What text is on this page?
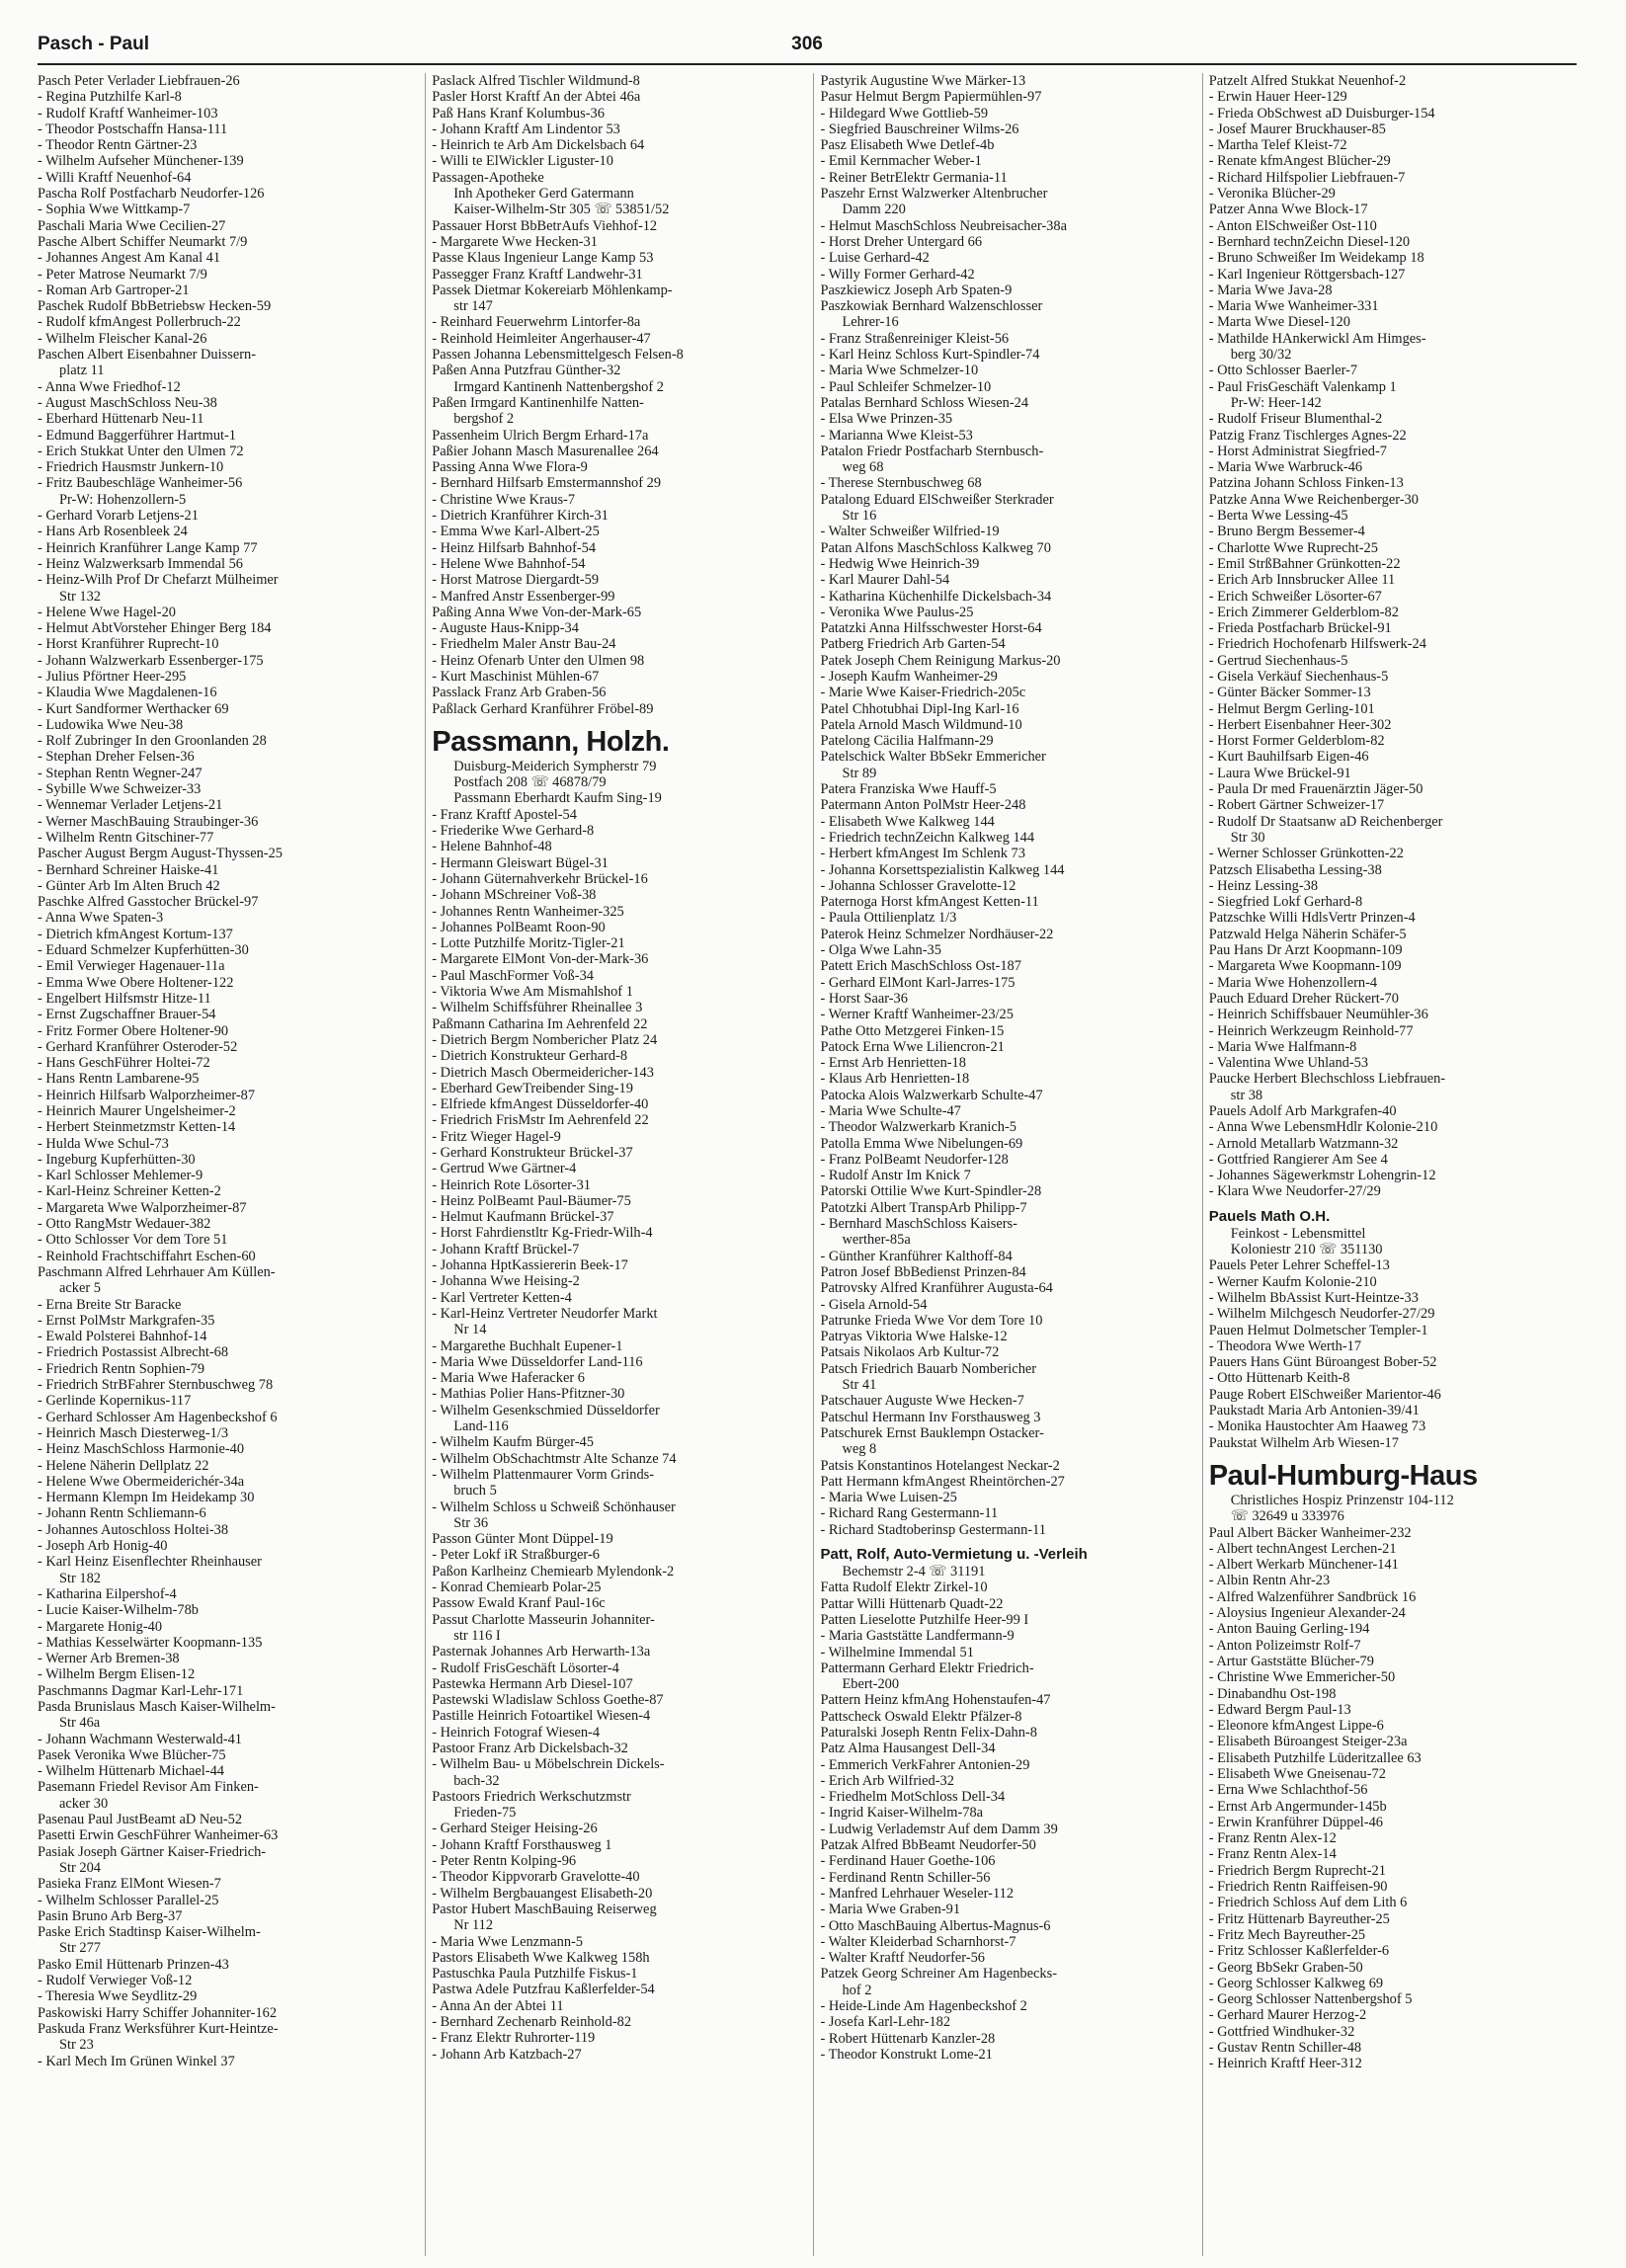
Pasch - Paul	306
Pasch Peter Verlader Liebfrauen-26
- Regina Putzhilfe Karl-8
- Rudolf Kraftf Wanheimer-103
- Theodor Postschaffn Hansa-111
- Theodor Rentn Gärtner-23
- Wilhelm Aufseher Münchener-139
- Willi Kraftf Neuenhof-64
Pascha Rolf Postfacharb Neudorfer-126
- Sophia Wwe Wittkamp-7
Paschali Maria Wwe Cecilien-27
Pasche Albert Schiffer Neumarkt 7/9
- Johannes Angest Am Kanal 41
- Peter Matrose Neumarkt 7/9
- Roman Arb Gartroper-21
Paschek Rudolf BbBetriebsw Hecken-59
- Rudolf kfmAngest Pollerbruch-22
- Wilhelm Fleischer Kanal-26
Paschen Albert Eisenbahner Duissern-
platz 11
- Anna Wwe Friedhof-12
- August MaschSchloss Neu-38
- Eberhard Hüttenarb Neu-11
- Edmund Baggerführer Hartmut-1
- Erich Stukkat Unter den Ulmen 72
- Friedrich Hausmstr Junkern-10
- Fritz Baubeschläge Wanheimer-56
Pr-W: Hohenzollern-5
- Gerhard Vorarb Letjens-21
- Hans Arb Rosenbleek 24
- Heinrich Kranführer Lange Kamp 77
- Heinz Walzwerksarb Immendal 56
- Heinz-Wilh Prof Dr Chefarzt Mülheimer
Str 132
- Helene Wwe Hagel-20
- Helmut AbtVorsteher Ehinger Berg 184
- Horst Kranführer Ruprecht-10
- Johann Walzwerkarb Essenberger-175
- Julius Pförtner Heer-295
- Klaudia Wwe Magdalenen-16
- Kurt Sandformer Werthacker 69
- Ludowika Wwe Neu-38
- Rolf Zubringer In den Groonlanden 28
- Stephan Dreher Felsen-36
- Stephan Rentn Wegner-247
- Sybille Wwe Schweizer-33
- Wennemar Verlader Letjens-21
- Werner MaschBauing Straubinger-36
- Wilhelm Rentn Gitschiner-77
Pascher August Bergm August-Thyssen-25
- Bernhard Schreiner Haiske-41
- Günter Arb Im Alten Bruch 42
Paschke Alfred Gasstocher Brückel-97
- Anna Wwe Spaten-3
- Dietrich kfmAngest Kortum-137
- Eduard Schmelzer Kupferhütten-30
- Emil Verwieger Hagenauer-11a
- Emma Wwe Obere Holtener-122
- Engelbert Hilfsmstr Hitze-11
- Ernst Zugschaffner Brauer-54
- Fritz Former Obere Holtener-90
- Gerhard Kranführer Osteroder-52
- Hans GeschFührer Holtei-72
- Hans Rentn Lambarene-95
- Heinrich Hilfsarb Walporzheimer-87
- Heinrich Maurer Ungelsheimer-2
- Herbert Steinmetzmstr Ketten-14
- Hulda Wwe Schul-73
- Ingeburg Kupferhütten-30
- Karl Schlosser Mehlemer-9
- Karl-Heinz Schreiner Ketten-2
- Margareta Wwe Walporzheimer-87
- Otto RangMstr Wedauer-382
- Otto Schlosser Vor dem Tore 51
- Reinhold Frachtschiffahrt Eschen-60
Paschmann Alfred Lehrhauer Am Küllen-
acker 5
- Erna Breite Str Baracke
- Ernst PolMstr Markgrafen-35
- Ewald Polsterei Bahnhof-14
- Friedrich Postassist Albrecht-68
- Friedrich Rentn Sophien-79
- Friedrich StrBFahrer Sternbuschweg 78
- Gerlinde Kopernikus-117
- Gerhard Schlosser Am Hagenbeckshof 6
- Heinrich Masch Diesterweg-1/3
- Heinz MaschSchloss Harmonie-40
- Helene Näherin Dellplatz 22
- Helene Wwe Obermeiderichér-34a
- Hermann Klempn Im Heidekamp 30
- Johann Rentn Schliemann-6
- Johannes Autoschloss Holtei-38
- Joseph Arb Honig-40
- Karl Heinz Eisenflechter Rheinhauser
Str 182
- Katharina Eilpershof-4
- Lucie Kaiser-Wilhelm-78b
- Margarete Honig-40
- Mathias Kesselwärter Koopmann-135
- Werner Arb Bremen-38
- Wilhelm Bergm Elisen-12
Paschmanns Dagmar Karl-Lehr-171
Pasda Brunislaus Masch Kaiser-Wilhelm-
Str 46a
- Johann Wachmann Westerwald-41
Pasek Veronika Wwe Blücher-75
- Wilhelm Hüttenarb Michael-44
Pasemann Friedel Revisor Am Finken-
acker 30
Pasenau Paul JustBeamt aD Neu-52
Pasetti Erwin GeschFührer Wanheimer-63
Pasiak Joseph Gärtner Kaiser-Friedrich-
Str 204
Pasieka Franz ElMont Wiesen-7
- Wilhelm Schlosser Parallel-25
Pasin Bruno Arb Berg-37
Paske Erich Stadtinsp Kaiser-Wilhelm-
Str 277
Pasko Emil Hüttenarb Prinzen-43
- Rudolf Verwieger Voß-12
- Theresia Wwe Seydlitz-29
Paskowiski Harry Schiffer Johanniter-162
Paskuda Franz Werksführer Kurt-Heintze-
Str 23
- Karl Mech Im Grünen Winkel 37
Paslack Alfred Tischler Wildmund-8
Pasler Horst Kraftf An der Abtei 46a
Paß Hans Kranf Kolumbus-36
- Johann Kraftf Am Lindentor 53
- Heinrich te Arb Am Dickelsbach 64
- Willi te ElWickler Liguster-10
Passagen-Apotheke
Inh Apotheker Gerd Gatermann
Kaiser-Wilhelm-Str 305 ☏ 53851/52
Passauer Horst BbBetrAufs Viehhof-12
- Margarete Wwe Hecken-31
Passe Klaus Ingenieur Lange Kamp 53
Passegger Franz Kraftf Landwehr-31
Passek Dietmar Kokereiarb Möhlenkamp-
str 147
- Reinhard Feuerwehrm Lintorfer-8a
- Reinhold Heimleiter Angerhauser-47
Passen Johanna Lebensmittelgesch Felsen-8
Paßen Anna Putzfrau Günther-32
Irmgard Kantinenh Nattenbergshof 2
Paßen Irmgard Kantinenhilfe Natten-
bergshof 2
Passenheim Ulrich Bergm Erhard-17a
Paßier Johann Masch Masurenallee 264
Passing Anna Wwe Flora-9
- Bernhard Hilfsarb Emstermannshof 29
- Christine Wwe Kraus-7
- Dietrich Kranführer Kirch-31
- Emma Wwe Karl-Albert-25
- Heinz Hilfsarb Bahnhof-54
- Helene Wwe Bahnhof-54
- Horst Matrose Diergardt-59
- Manfred Anstr Essenberger-99
Paßing Anna Wwe Von-der-Mark-65
- Auguste Haus-Knipp-34
- Friedhelm Maler Anstr Bau-24
- Heinz Ofenarb Unter den Ulmen 98
- Kurt Maschinist Mühlen-67
Passlack Franz Arb Graben-56
Paßlack Gerhard Kranführer Fröbel-89
Passmann, Holzh.
Duisburg-Meiderich Sympherstr 79
Postfach 208 ☏ 46878/79
Passmann Eberhardt Kaufm Sing-19
- Franz Kraftf Apostel-54
- Friederike Wwe Gerhard-8
- Helene Bahnhof-48
- Hermann Gleiswart Bügel-31
- Johann Güternahverkehr Brückel-16
- Johann MSchreiner Voß-38
- Johannes Rentn Wanheimer-325
- Johannes PolBeamt Roon-90
- Lotte Putzhilfe Moritz-Tigler-21
- Margarete ElMont Von-der-Mark-36
- Paul MaschFormer Voß-34
- Viktoria Wwe Am Mismahlshof 1
- Wilhelm Schiffsführer Rheinallee 3
Paßmann Catharina Im Aehrenfeld 22
- Dietrich Bergm Nombericher Platz 24
- Dietrich Konstrukteur Gerhard-8
- Dietrich Masch Obermeidericher-143
- Eberhard GewTreibender Sing-19
- Elfriede kfmAngest Düsseldorfer-40
- Friedrich FrisMstr Im Aehrenfeld 22
- Fritz Wieger Hagel-9
- Gerhard Konstrukteur Brückel-37
- Gertrud Wwe Gärtner-4
- Heinrich Rote Lösorter-31
- Heinz PolBeamt Paul-Bäumer-75
- Helmut Kaufmann Brückel-37
- Horst Fahrdienstltr Kg-Friedr-Wilh-4
- Johann Kraftf Brückel-7
- Johanna HptKassiererin Beek-17
- Johanna Wwe Heising-2
- Karl Vertreter Ketten-4
- Karl-Heinz Vertreter Neudorfer Markt
Nr 14
- Margarethe Buchhalt Eupener-1
- Maria Wwe Düsseldorfer Land-116
- Maria Wwe Haferacker 6
- Mathias Polier Hans-Pfitzner-30
- Wilhelm Gesenkschmied Düsseldorfer
Land-116
- Wilhelm Kaufm Bürger-45
- Wilhelm ObSchachtmstr Alte Schanze 74
- Wilhelm Plattenmaurer Vorm Grinds-
bruch 5
- Wilhelm Schloss u Schweiß Schönhauser
Str 36
Passon Günter Mont Düppel-19
- Peter Lokf iR Straßburger-6
Paßon Karlheinz Chemiearb Mylendonk-2
- Konrad Chemiearb Polar-25
Passow Ewald Kranf Paul-16c
Passut Charlotte Masseurin Johanniter-
str 116 I
Pasternak Johannes Arb Herwarth-13a
- Rudolf FrisGeschäft Lösorter-4
Pastewka Hermann Arb Diesel-107
Pastewski Wladislaw Schloss Goethe-87
Pastille Heinrich Fotoartikel Wiesen-4
- Heinrich Fotograf Wiesen-4
Pastoor Franz Arb Dickelsbach-32
- Wilhelm Bau- u Möbelschrein Dickels-
bach-32
Pastoors Friedrich Werkschutzmstr
Frieden-75
- Gerhard Steiger Heising-26
- Johann Kraftf Forsthausweg 1
- Peter Rentn Kolping-96
- Theodor Kippvorarb Gravelotte-40
- Wilhelm Bergbauangest Elisabeth-20
Pastor Hubert MaschBauing Reiserweg
Nr 112
- Maria Wwe Lenzmann-5
Pastors Elisabeth Wwe Kalkweg 158h
Pastuschka Paula Putzhilfe Fiskus-1
Pastwa Adele Putzfrau Kaßlerfelder-54
- Anna An der Abtei 11
- Bernhard Zechenarb Reinhold-82
- Franz Elektr Ruhrorter-119
- Johann Arb Katzbach-27
Pastyrik Augustine Wwe Märker-13
Pasur Helmut Bergm Papiermühlen-97
- Hildegard Wwe Gottlieb-59
- Siegfried Bauschreiner Wilms-26
Pasz Elisabeth Wwe Detlef-4b
- Emil Kernmacher Weber-1
- Reiner BetrElektr Germania-11
Paszehr Ernst Walzwerker Altenbrucher
Damm 220
- Helmut MaschSchloss Neubreisacher-38a
- Horst Dreher Untergard 66
- Luise Gerhard-42
- Willy Former Gerhard-42
Paszkiewicz Joseph Arb Spaten-9
Paszkowiak Bernhard Walzenschlosser
Lehrer-16
- Franz Straßenreiniger Kleist-56
- Karl Heinz Schloss Kurt-Spindler-74
- Maria Wwe Schmelzer-10
- Paul Schleifer Schmelzer-10
Patalas Bernhard Schloss Wiesen-24
- Elsa Wwe Prinzen-35
- Marianna Wwe Kleist-53
Patalon Friedr Postfacharb Sternbusch-
weg 68
- Therese Sternbuschweg 68
Patalong Eduard ElSchweißer Sterkrader
Str 16
- Walter Schweißer Wilfried-19
Patan Alfons MaschSchloss Kalkweg 70
- Hedwig Wwe Heinrich-39
- Karl Maurer Dahl-54
- Katharina Küchenhilfe Dickelsbach-34
- Veronika Wwe Paulus-25
Patatzki Anna Hilfsschwester Horst-64
Patberg Friedrich Arb Garten-54
Patek Joseph Chem Reinigung Markus-20
- Joseph Kaufm Wanheimer-29
- Marie Wwe Kaiser-Friedrich-205c
Patel Chhotubhai Dipl-Ing Karl-16
Patela Arnold Masch Wildmund-10
Patelong Cäcilia Halfmann-29
Patelschick Walter BbSekr Emmericher
Str 89
Patera Franziska Wwe Hauff-5
Patermann Anton PolMstr Heer-248
- Elisabeth Wwe Kalkweg 144
- Friedrich technZeichn Kalkweg 144
- Herbert kfmAngest Im Schlenk 73
- Johanna Korsettspezialistin Kalkweg 144
- Johanna Schlosser Gravelotte-12
Paternoga Horst kfmAngest Ketten-11
- Paula Ottilienplatz 1/3
Paterok Heinz Schmelzer Nordhäuser-22
- Olga Wwe Lahn-35
Patett Erich MaschSchloss Ost-187
- Gerhard ElMont Karl-Jarres-175
- Horst Saar-36
- Werner Kraftf Wanheimer-23/25
Pathe Otto Metzgerei Finken-15
Patock Erna Wwe Liliencron-21
- Ernst Arb Henrietten-18
- Klaus Arb Henrietten-18
Patocka Alois Walzwerkarb Schulte-47
- Maria Wwe Schulte-47
- Theodor Walzwerkarb Kranich-5
Patolla Emma Wwe Nibelungen-69
- Franz PolBeamt Neudorfer-128
- Rudolf Anstr Im Knick 7
Patorski Ottilie Wwe Kurt-Spindler-28
Patotzki Albert TranspArb Philipp-7
- Bernhard MaschSchloss Kaisers-
werther-85a
- Günther Kranführer Kalthoff-84
Patron Josef BbBedienst Prinzen-84
Patrovsky Alfred Kranführer Augusta-64
- Gisela Arnold-54
Patrunke Frieda Wwe Vor dem Tore 10
Patryas Viktoria Wwe Halske-12
Patsais Nikolaos Arb Kultur-72
Patsch Friedrich Bauarb Nombericher
Str 41
Patschauer Auguste Wwe Hecken-7
Patschul Hermann Inv Forsthausweg 3
Patschurek Ernst Bauklempn Ostacker-
weg 8
Patsis Konstantinos Hotelangest Neckar-2
Patt Hermann kfmAngest Rheintörchen-27
- Maria Wwe Luisen-25
- Richard Rang Gestermann-11
- Richard Stadtoberinsp Gestermann-11
Patt, Rolf, Auto-Vermietung u. -Verleih
Bechemstr 2-4 ☏ 31191
Fatta Rudolf Elektr Zirkel-10
Pattar Willi Hüttenarb Quadt-22
Patten Lieselotte Putzhilfe Heer-99 I
- Maria Gaststätte Landfermann-9
- Wilhelmine Immendal 51
Pattermann Gerhard Elektr Friedrich-
Ebert-200
Pattern Heinz kfmAng Hohenstaufen-47
Pattscheck Oswald Elektr Pfälzer-8
Paturalski Joseph Rentn Felix-Dahn-8
Patz Alma Hausangest Dell-34
- Emmerich VerkFahrer Antonien-29
- Erich Arb Wilfried-32
- Friedhelm MotSchloss Dell-34
- Ingrid Kaiser-Wilhelm-78a
- Ludwig Verlademstr Auf dem Damm 39
Patzak Alfred BbBeamt Neudorfer-50
- Ferdinand Hauer Goethe-106
- Ferdinand Rentn Schiller-56
- Manfred Lehrhauer Weseler-112
- Maria Wwe Graben-91
- Otto MaschBauing Albertus-Magnus-6
- Walter Kleiderbad Scharnhorst-7
- Walter Kraftf Neudorfer-56
Patzek Georg Schreiner Am Hagenbecks-
hof 2
- Heide-Linde Am Hagenbeckshof 2
- Josefa Karl-Lehr-182
- Robert Hüttenarb Kanzler-28
- Theodor Konstrukt Lome-21
Patzelt Alfred Stukkat Neuenhof-2
- Erwin Hauer Heer-129
- Frieda ObSchwest aD Duisburger-154
- Josef Maurer Bruckhauser-85
- Martha Telef Kleist-72
- Renate kfmAngest Blücher-29
- Richard Hilfspolier Liebfrauen-7
- Veronika Blücher-29
Patzer Anna Wwe Block-17
- Anton ElSchweißer Ost-110
- Bernhard technZeichn Diesel-120
- Bruno Schweißer Im Weidekamp 18
- Karl Ingenieur Röttgersbach-127
- Maria Wwe Java-28
- Maria Wwe Wanheimer-331
- Marta Wwe Diesel-120
- Mathilde HAnkerwickl Am Himges-
berg 30/32
- Otto Schlosser Baerler-7
- Paul FrisGeschäft Valenkamp 1
Pr-W: Heer-142
- Rudolf Friseur Blumenthal-2
Patzig Franz Tischlerges Agnes-22
- Horst Administrat Siegfried-7
- Maria Wwe Warbruck-46
Patzina Johann Schloss Finken-13
Patzke Anna Wwe Reichenberger-30
- Berta Wwe Lessing-45
- Bruno Bergm Bessemer-4
- Charlotte Wwe Ruprecht-25
- Emil StrßBahner Grünkotten-22
- Erich Arb Innsbrucker Allee 11
- Erich Schweißer Lösorter-67
- Erich Zimmerer Gelderblom-82
- Frieda Postfacharb Brückel-91
- Friedrich Hochofenarb Hilfswerk-24
- Gertrud Siechenhaus-5
- Gisela Verkäuf Siechenhaus-5
- Günter Bäcker Sommer-13
- Helmut Bergm Gerling-101
- Herbert Eisenbahner Heer-302
- Horst Former Gelderblom-82
- Kurt Bauhilfsarb Eigen-46
- Laura Wwe Brückel-91
- Paula Dr med Frauenärztin Jäger-50
- Robert Gärtner Schweizer-17
- Rudolf Dr Staatsanw aD Reichenberger
Str 30
- Werner Schlosser Grünkotten-22
Patzsch Elisabetha Lessing-38
- Heinz Lessing-38
- Siegfried Lokf Gerhard-8
Patzschke Willi HdlsVertr Prinzen-4
Patzwald Helga Näherin Schäfer-5
Pau Hans Dr Arzt Koopmann-109
- Margareta Wwe Koopmann-109
- Maria Wwe Hohenzollern-4
Pauch Eduard Dreher Rückert-70
- Heinrich Schiffsbauer Neumühler-36
- Heinrich Werkzeugm Reinhold-77
- Maria Wwe Halfmann-8
- Valentina Wwe Uhland-53
Paucke Herbert Blechschloss Liebfrauen-
str 38
Pauels Adolf Arb Markgrafen-40
- Anna Wwe LebensmHdlr Kolonie-210
- Arnold Metallarb Watzmann-32
- Gottfried Rangierer Am See 4
- Johannes Sägewerkmstr Lohengrin-12
- Klara Wwe Neudorfer-27/29
Pauels Math O.H.
Feinkost - Lebensmittel
Koloniestr 210 ☏ 351130
Pauels Peter Lehrer Scheffel-13
- Werner Kaufm Kolonie-210
- Wilhelm BbAssist Kurt-Heintze-33
- Wilhelm Milchgesch Neudorfer-27/29
Pauen Helmut Dolmetscher Templer-1
- Theodora Wwe Werth-17
Pauers Hans Günt Büroangest Bober-52
- Otto Hüttenarb Keith-8
Pauge Robert ElSchweißer Marientor-46
Paukstadt Maria Arb Antonien-39/41
- Monika Haustochter Am Haaweg 73
Paukstat Wilhelm Arb Wiesen-17
Paul-Humburg-Haus
Christliches Hospiz Prinzenstr 104-112
☏ 32649 u 333976
Paul Albert Bäcker Wanheimer-232
- Albert technAngest Lerchen-21
- Albert Werkarb Münchener-141
- Albin Rentn Ahr-23
- Alfred Walzenführer Sandbrück 16
- Aloysius Ingenieur Alexander-24
- Anton Bauing Gerling-194
- Anton Polizeimstr Rolf-7
- Artur Gaststätte Blücher-79
- Christine Wwe Emmericher-50
- Dinabandhu Ost-198
- Edward Bergm Paul-13
- Eleonore kfmAngest Lippe-6
- Elisabeth Büroangest Steiger-23a
- Elisabeth Putzhilfe Lüderitzallee 63
- Elisabeth Wwe Gneisenau-72
- Erna Wwe Schlachthof-56
- Ernst Arb Angermunder-145b
- Erwin Kranführer Düppel-46
- Franz Rentn Alex-12
- Franz Rentn Alex-14
- Friedrich Bergm Ruprecht-21
- Friedrich Rentn Raiffeisen-90
- Friedrich Schloss Auf dem Lith 6
- Fritz Hüttenarb Bayreuther-25
- Fritz Mech Bayreuther-25
- Fritz Schlosser Kaßlerfelder-6
- Georg BbSekr Graben-50
- Georg Schlosser Kalkweg 69
- Georg Schlosser Nattenbergshof 5
- Gerhard Maurer Herzog-2
- Gottfried Windhuker-32
- Gustav Rentn Schiller-48
- Heinrich Kraftf Heer-312
